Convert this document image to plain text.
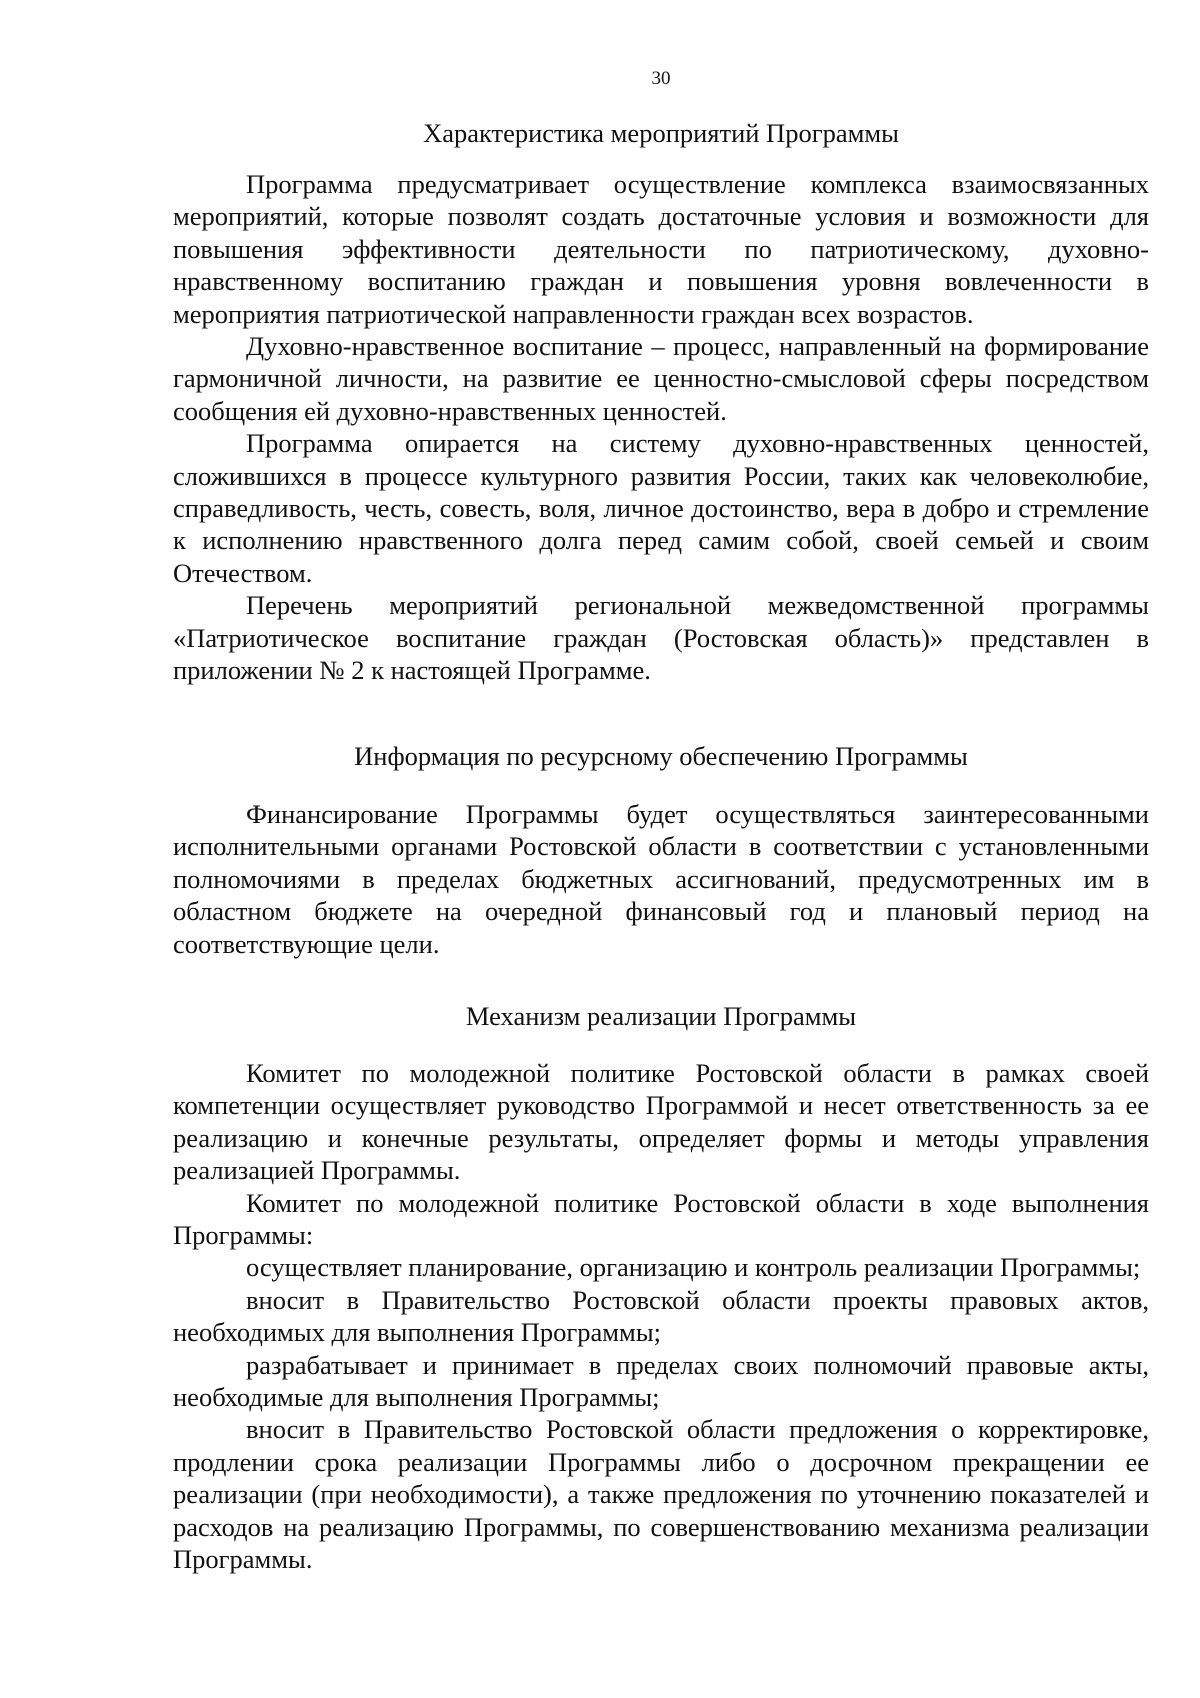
30
Характеристика мероприятий Программы

Программа предусматривает осуществление комплекса взаимосвязанных мероприятий, которые позволят создать достаточные условия и возможности для повышения эффективности деятельности по патриотическому, духовно-нравственному воспитанию граждан и повышения уровня вовлеченности в мероприятия патриотической направленности граждан всех возрастов.

Духовно-нравственное воспитание – процесс, направленный на формирование гармоничной личности, на развитие ее ценностно-смысловой сферы посредством сообщения ей духовно-нравственных ценностей.

Программа опирается на систему духовно-нравственных ценностей, сложившихся в процессе культурного развития России, таких как человеколюбие, справедливость, честь, совесть, воля, личное достоинство, вера в добро и стремление к исполнению нравственного долга перед самим собой, своей семьей и своим Отечеством.

Перечень мероприятий региональной межведомственной программы «Патриотическое воспитание граждан (Ростовская область)» представлен в приложении № 2 к настоящей Программе.

Информация по ресурсному обеспечению Программы

Финансирование Программы будет осуществляться заинтересованными исполнительными органами Ростовской области в соответствии с установленными полномочиями в пределах бюджетных ассигнований, предусмотренных им в областном бюджете на очередной финансовый год и плановый период на соответствующие цели.

Механизм реализации Программы

Комитет по молодежной политике Ростовской области в рамках своей компетенции осуществляет руководство Программой и несет ответственность за ее реализацию и конечные результаты, определяет формы и методы управления реализацией Программы.

Комитет по молодежной политике Ростовской области в ходе выполнения Программы:

осуществляет планирование, организацию и контроль реализации Программы;

вносит в Правительство Ростовской области проекты правовых актов, необходимых для выполнения Программы;

разрабатывает и принимает в пределах своих полномочий правовые акты, необходимые для выполнения Программы;

вносит в Правительство Ростовской области предложения о корректировке, продлении срока реализации Программы либо о досрочном прекращении ее реализации (при необходимости), а также предложения по уточнению показателей и расходов на реализацию Программы, по совершенствованию механизма реализации Программы.
